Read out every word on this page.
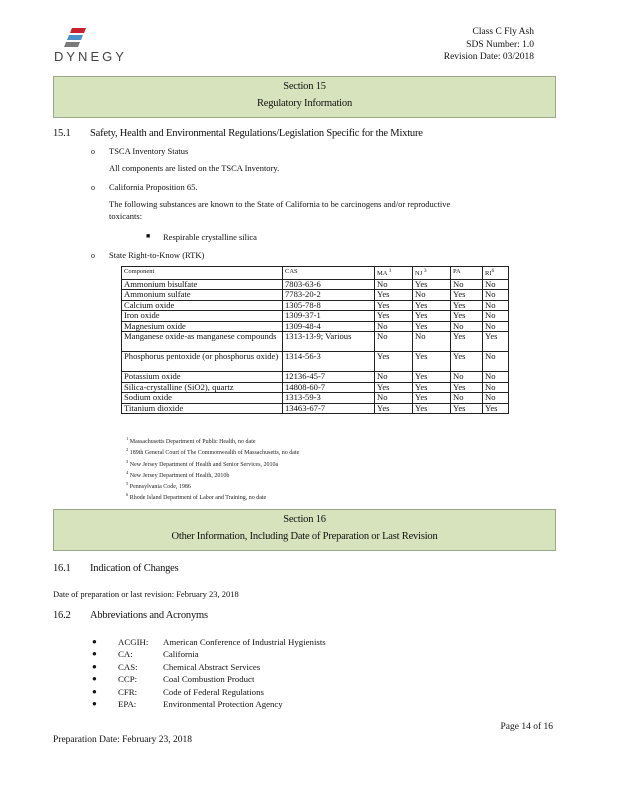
DYNEGY
Class C Fly Ash
SDS Number: 1.0
Revision Date: 03/2018
Section 15
Regulatory Information
15.1 Safety, Health and Environmental Regulations/Legislation Specific for the Mixture
o TSCA Inventory Status
All components are listed on the TSCA Inventory.
o California Proposition 65.
The following substances are known to the State of California to be carcinogens and/or reproductive
toxicants:
■ Respirable crystalline silica
o State Right-to-Know (RTK)
Component	CAS	MA $^1$	NJ $^3$	PA	$RI^6$
Ammonium bisulfate	7803-63-6	No	Yes	No	No
Ammonium sulfate	7783-20-2	Yes	No	Yes	No
Calcium oxide	1305-78-8	Yes	Yes	Yes	No
Iron oxide	1309-37-1	Yes	Yes	Yes	No
Magnesium oxide	1309-48-4	No	Yes	No	No
Manganese oxide-as manganese compounds	1313-13-9; Various	No	No	Yes	Yes
Phosphorus pentoxide (or phosphorus oxide)	1314-56-3	Yes	Yes	Yes	No
Potassium oxide	12136-45-7	No	Yes	No	No
Silica-crystalline (SiO2), quartz	14808-60-7	Yes	Yes	Yes	No
Sodium oxide	1313-59-3	No	Yes	No	No
Titanium dioxide	13463-67-7	Yes	Yes	Yes	Yes
$^1$ Massachusetts Department of Public Health, no date
$^2$ 189th General Court of The Commonwealth of Massachusetts, no date
$^3$ New Jersey Department of Health and Senior Services, 2010a
$^4$ New Jersey Department of Health, 2010b
$^5$ Pennsylvania Code, 1986
$^6$ Rhode Island Department of Labor and Training, no date
Section 16
Other Information, Including Date of Preparation or Last Revision
16.1 Indication of Changes
Date of preparation or last revision: February 23, 2018
16.2 Abbreviations and Acronyms
● ACGIH: American Conference of Industrial Hygienists
● CA:	California
● CAS:	Chemical Abstract Services
● CCP:	Coal Combustion Product
● CFR:	Code of Federal Regulations
● EPA:	Environmental Protection Agency
Page 14 of 16
Preparation Date: February 23, 2018
